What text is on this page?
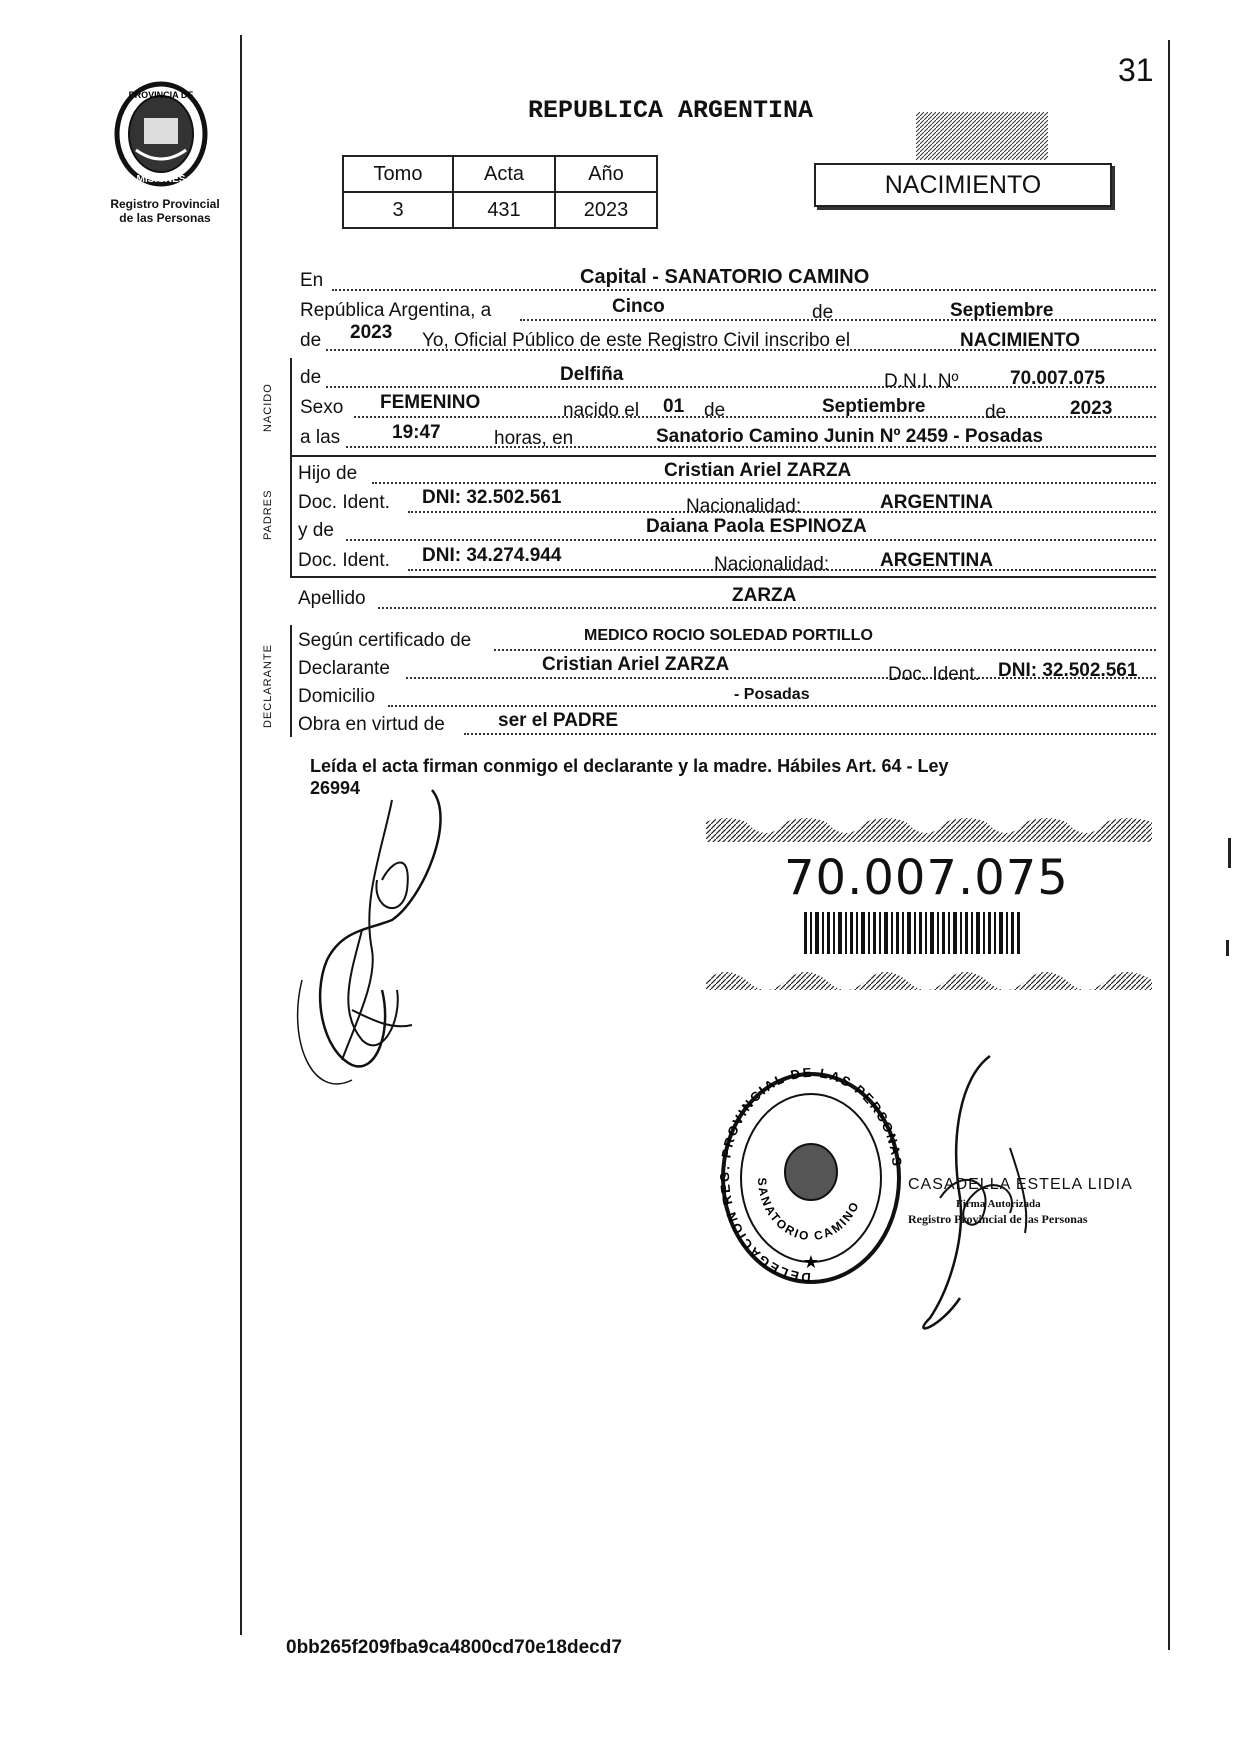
31
PROVINCIA DE
MISIONES
Registro Provincial
de las Personas
REPUBLICA ARGENTINA
Tomo	Acta	Año
3	431	2023
NACIMIENTO
En	Capital - SANATORIO CAMINO
República Argentina, a	Cinco	de	Septiembre
de 2023 Yo, Oficial Público de este Registro Civil inscribo el	NACIMIENTO
NACIDO
de	Delfiña	D.N.I. Nº	70.007.075
Sexo FEMENINO	nacido el 01 de	Septiembre	de	2023
a las	19:47	horas, en	Sanatorio Camino Junin Nº 2459 - Posadas
PADRES
Hijo de	Cristian Ariel ZARZA
Doc. Ident. DNI: 32.502.561	Nacionalidad:	ARGENTINA
y de	Daiana Paola ESPINOZA
Doc. Ident. DNI: 34.274.944	Nacionalidad:	ARGENTINA
Apellido	ZARZA
DECLARANTE
Según certificado de	MEDICO ROCIO SOLEDAD PORTILLO
Declarante	Cristian Ariel ZARZA	Doc. Ident. DNI: 32.502.561
Domicilio	- Posadas
Obra en virtud de	ser el PADRE
Leída el acta firman conmigo el declarante y la madre. Hábiles Art. 64 - Ley
26994
70.007.075
DELEGACION REG. PROVINCIAL DE LAS PERSONAS
SANATORIO CAMINO
★
CASADELLA ESTELA LIDIA
Firma Autorizada
Registro Provincial de las Personas
0bb265f209fba9ca4800cd70e18decd7
